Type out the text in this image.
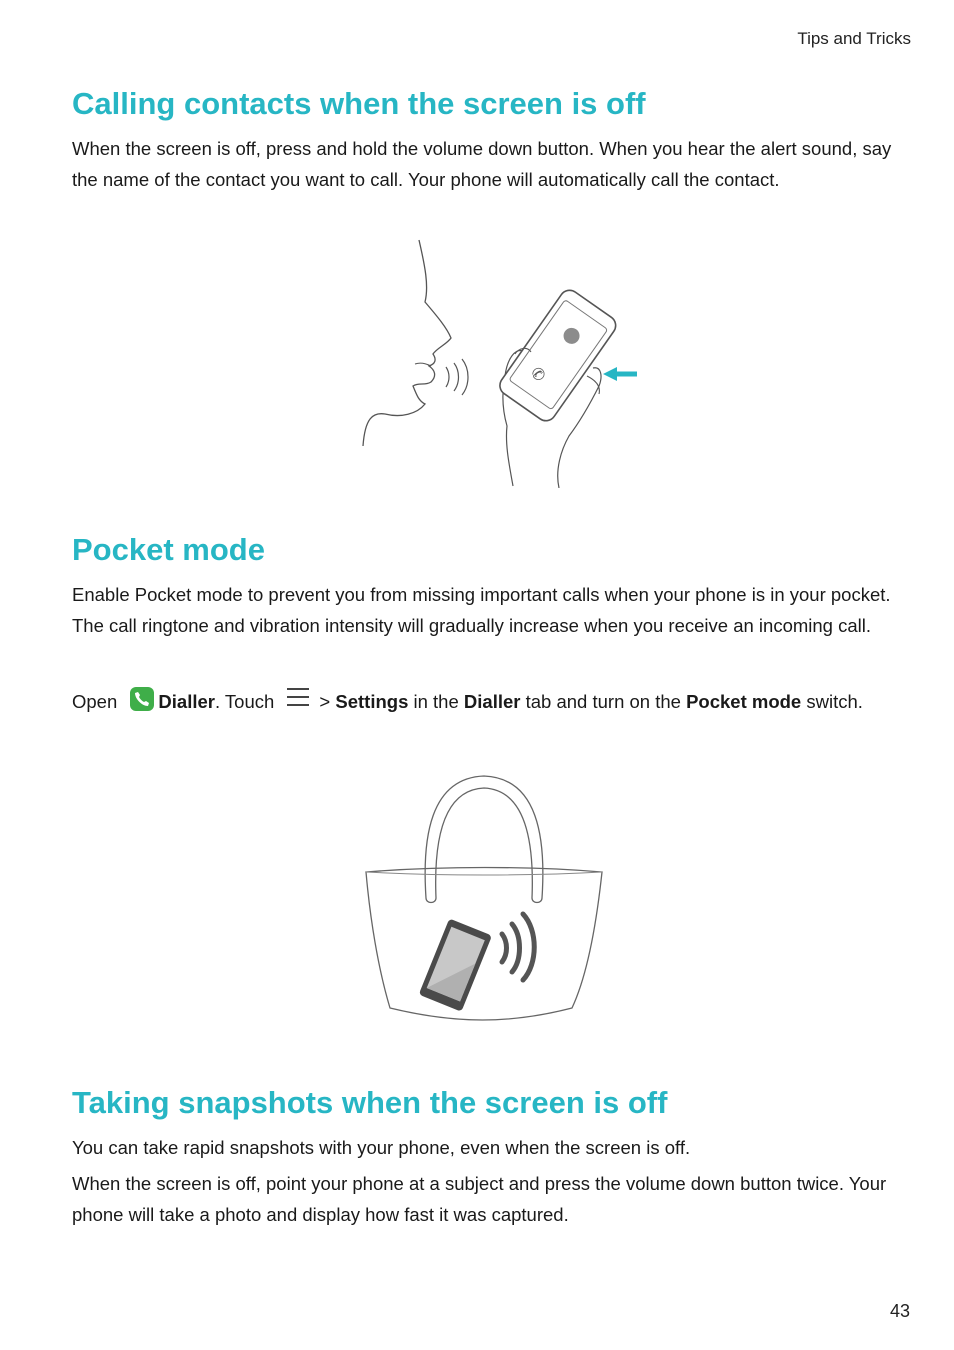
Tips and Tricks
Calling contacts when the screen is off

When the screen is off, press and hold the volume down button. When you hear the alert sound, say the name of the contact you want to call. Your phone will automatically call the contact.

✆
Pocket mode

Enable Pocket mode to prevent you from missing important calls when your phone is in your pocket. The call ringtone and vibration intensity will gradually increase when you receive an incoming call.

Open Dialler. Touch > Settings in the Dialler tab and turn on the Pocket mode switch.

Taking snapshots when the screen is off

You can take rapid snapshots with your phone, even when the screen is off.

When the screen is off, point your phone at a subject and press the volume down button twice. Your phone will take a photo and display how fast it was captured.

43
